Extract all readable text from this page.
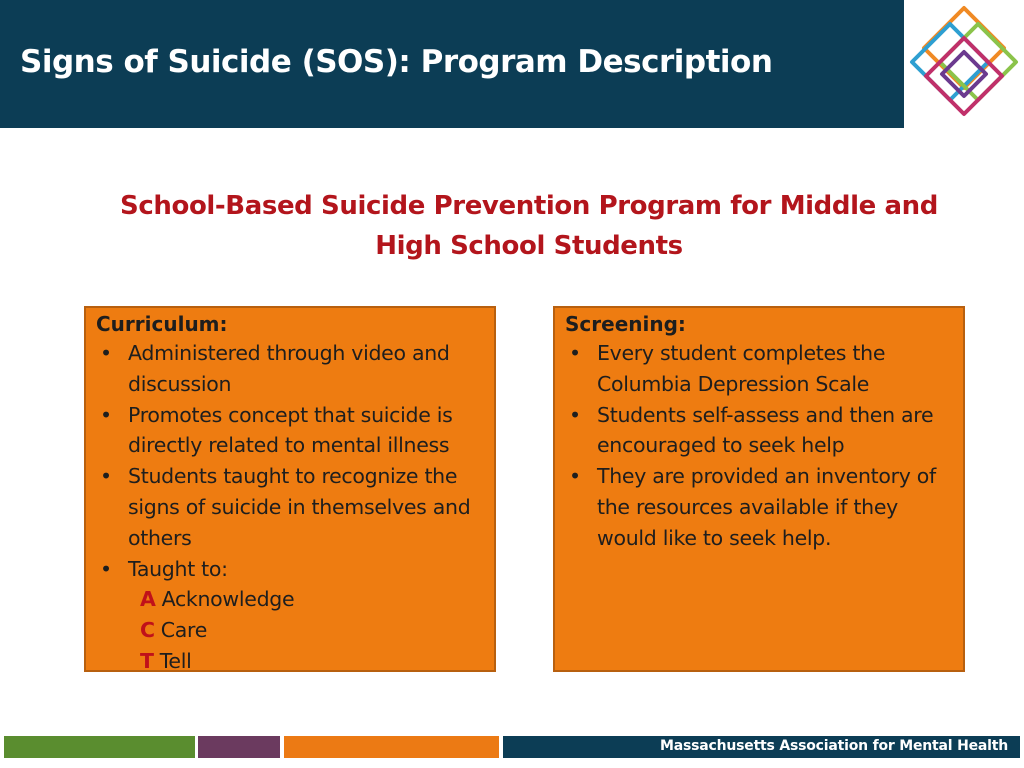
Signs of Suicide (SOS): Program Description
School-Based Suicide Prevention Program for Middle and High School Students
Curriculum:
• Administered through video and discussion
• Promotes concept that suicide is directly related to mental illness
• Students taught to recognize the signs of suicide in themselves and others
• Taught to:
A Acknowledge
C Care
T Tell
Screening:
• Every student completes the Columbia Depression Scale
• Students self-assess and then are encouraged to seek help
• They are provided an inventory of the resources available if they would like to seek help.
Massachusetts Association for Mental Health
